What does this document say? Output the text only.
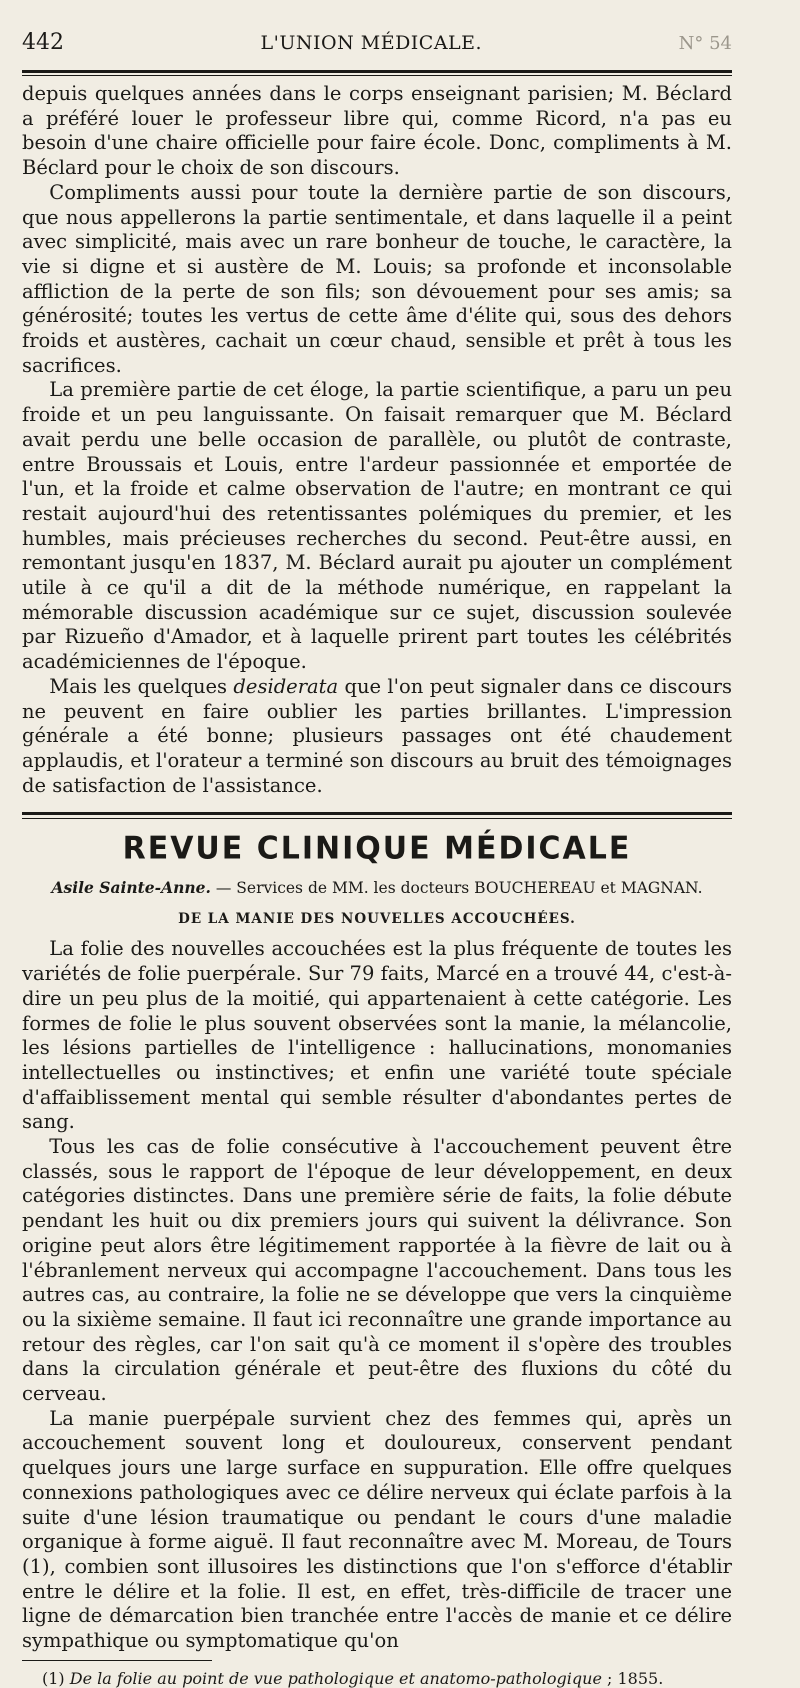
442	L'UNION MÉDICALE.	N° 54

depuis quelques années dans le corps enseignant parisien; M. Béclard a préféré louer le professeur libre qui, comme Ricord, n'a pas eu besoin d'une chaire officielle pour faire école. Donc, compliments à M. Béclard pour le choix de son discours.

Compliments aussi pour toute la dernière partie de son discours, que nous appellerons la partie sentimentale, et dans laquelle il a peint avec simplicité, mais avec un rare bonheur de touche, le caractère, la vie si digne et si austère de M. Louis; sa profonde et inconsolable affliction de la perte de son fils; son dévouement pour ses amis; sa générosité; toutes les vertus de cette âme d'élite qui, sous des dehors froids et austères, cachait un cœur chaud, sensible et prêt à tous les sacrifices.

La première partie de cet éloge, la partie scientifique, a paru un peu froide et un peu languissante. On faisait remarquer que M. Béclard avait perdu une belle occasion de parallèle, ou plutôt de contraste, entre Broussais et Louis, entre l'ardeur passionnée et emportée de l'un, et la froide et calme observation de l'autre; en montrant ce qui restait aujourd'hui des retentissantes polémiques du premier, et les humbles, mais précieuses recherches du second. Peut-être aussi, en remontant jusqu'en 1837, M. Béclard aurait pu ajouter un complément utile à ce qu'il a dit de la méthode numérique, en rappelant la mémorable discussion académique sur ce sujet, discussion soulevée par Rizueño d'Amador, et à laquelle prirent part toutes les célébrités académiciennes de l'époque.

Mais les quelques desiderata que l'on peut signaler dans ce discours ne peuvent en faire oublier les parties brillantes. L'impression générale a été bonne; plusieurs passages ont été chaudement applaudis, et l'orateur a terminé son discours au bruit des témoignages de satisfaction de l'assistance.

REVUE CLINIQUE MÉDICALE
Asile Sainte-Anne. — Services de MM. les docteurs BOUCHEREAU et MAGNAN.
DE LA MANIE DES NOUVELLES ACCOUCHÉES.

La folie des nouvelles accouchées est la plus fréquente de toutes les variétés de folie puerpérale. Sur 79 faits, Marcé en a trouvé 44, c'est-à-dire un peu plus de la moitié, qui appartenaient à cette catégorie. Les formes de folie le plus souvent observées sont la manie, la mélancolie, les lésions partielles de l'intelligence : hallucinations, monomanies intellectuelles ou instinctives; et enfin une variété toute spéciale d'affaiblissement mental qui semble résulter d'abondantes pertes de sang.

Tous les cas de folie consécutive à l'accouchement peuvent être classés, sous le rapport de l'époque de leur développement, en deux catégories distinctes. Dans une première série de faits, la folie débute pendant les huit ou dix premiers jours qui suivent la délivrance. Son origine peut alors être légitimement rapportée à la fièvre de lait ou à l'ébranlement nerveux qui accompagne l'accouchement. Dans tous les autres cas, au contraire, la folie ne se développe que vers la cinquième ou la sixième semaine. Il faut ici reconnaître une grande importance au retour des règles, car l'on sait qu'à ce moment il s'opère des troubles dans la circulation générale et peut-être des fluxions du côté du cerveau.

La manie puerpépale survient chez des femmes qui, après un accouchement souvent long et douloureux, conservent pendant quelques jours une large surface en suppuration. Elle offre quelques connexions pathologiques avec ce délire nerveux qui éclate parfois à la suite d'une lésion traumatique ou pendant le cours d'une maladie organique à forme aiguë. Il faut reconnaître avec M. Moreau, de Tours (1), combien sont illusoires les distinctions que l'on s'efforce d'établir entre le délire et la folie. Il est, en effet, très-difficile de tracer une ligne de démarcation bien tranchée entre l'accès de manie et ce délire sympathique ou symptomatique qu'on

(1) De la folie au point de vue pathologique et anatomo-pathologique ; 1855.
